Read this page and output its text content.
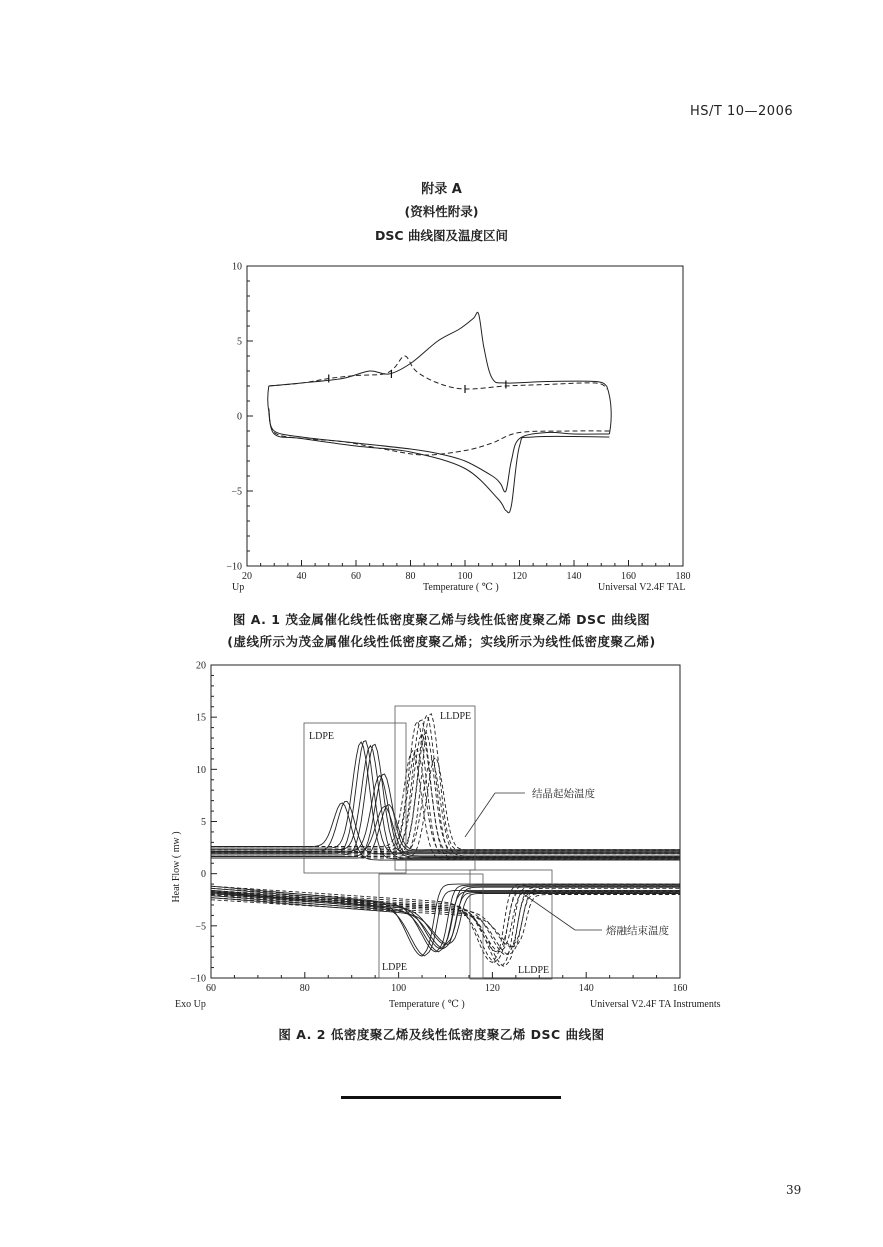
HS/T 10—2006
附录 A
(资料性附录)
DSC 曲线图及温度区间
20	40	60	80	100	120	140	160	180
10
5
0
−5
−10
Up	Temperature ( ℃ )	Universal V2.4F TAL
图 A. 1 茂金属催化线性低密度聚乙烯与线性低密度聚乙烯 DSC 曲线图
(虚线所示为茂金属催化线性低密度聚乙烯；实线所示为线性低密度聚乙烯)
60	80	100	120	140	160
20
15
10
5
0
−5
−10
LDPE
LLDPE
LDPE	LLDPE
结晶起始温度
熔融结束温度
Heat Flow ( mw )
Exo Up	Temperature ( ℃ )	Universal V2.4F TA Instruments
图 A. 2 低密度聚乙烯及线性低密度聚乙烯 DSC 曲线图
39
